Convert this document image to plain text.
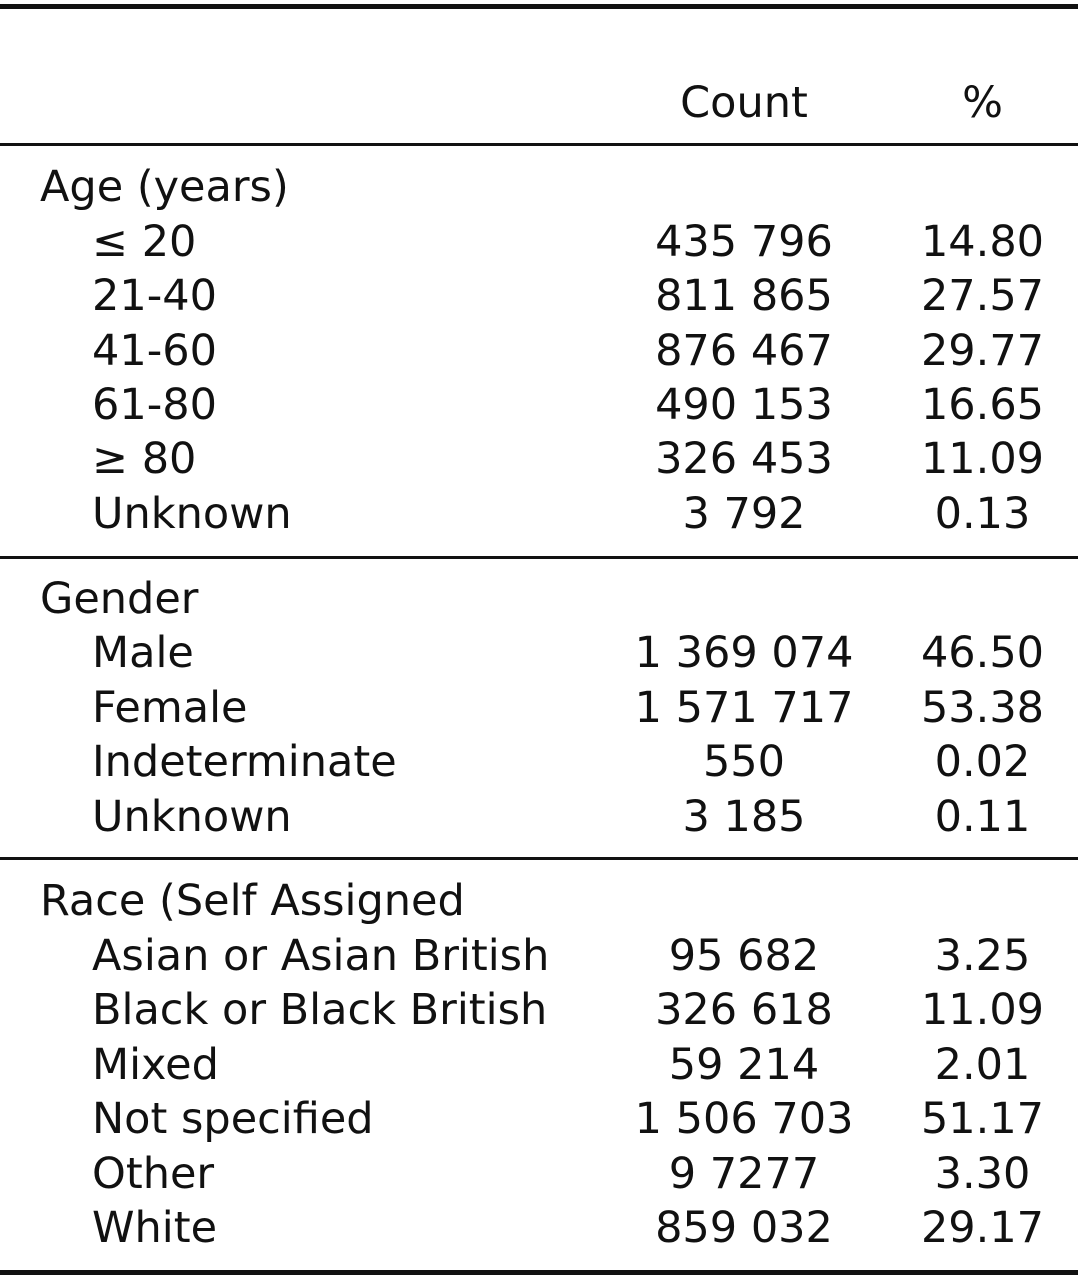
Count	%
Age (years)
≤ 20	435 796	14.80
21-40	811 865	27.57
41-60	876 467	29.77
61-80	490 153	16.65
≥ 80	326 453	11.09
Unknown	3 792	0.13
Gender
Male	1 369 074	46.50
Female	1 571 717	53.38
Indeterminate	550	0.02
Unknown	3 185	0.11
Race (Self Assigned
Asian or Asian British	95 682	3.25
Black or Black British	326 618	11.09
Mixed	59 214	2.01
Not specified	1 506 703	51.17
Other	9 7277	3.30
White	859 032	29.17
